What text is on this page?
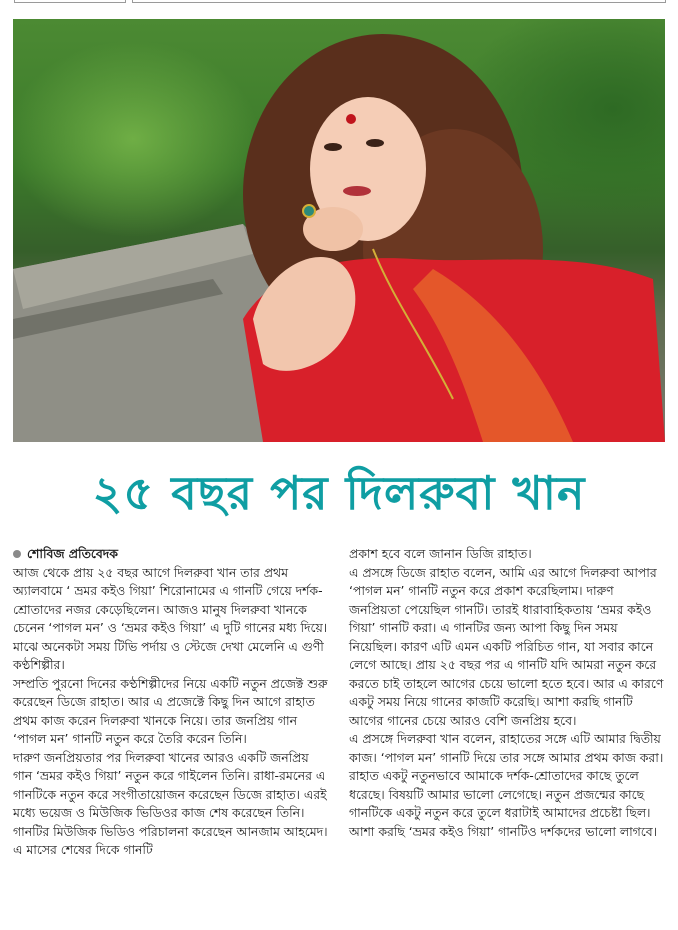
২৫ বছর পর দিলরুবা খান
শোবিজ প্রতিবেদক

আজ থেকে প্রায় ২৫ বছর আগে দিলরুবা খান তার প্রথম অ্যালবামে ‘ ভ্রমর কইও গিয়া’ শিরোনামের এ গানটি গেয়ে দর্শক-শ্রোতাদের নজর কেড়েছিলেন। আজও মানুষ দিলরুবা খানকে চেনেন ‘পাগল মন’ ও ‘ভ্রমর কইও গিয়া’ এ দুটি গানের মধ্য দিয়ে। মাঝে অনেকটা সময় টিভি পর্দায় ও স্টেজে দেখা মেলেনি এ গুণী কণ্ঠশিল্পীর।

সম্প্রতি পুরনো দিনের কণ্ঠশিল্পীদের নিয়ে একটি নতুন প্রজেক্ট শুরু করেছেন ডিজে রাহাত। আর এ প্রজেক্টে কিছু দিন আগে রাহাত প্রথম কাজ করেন দিলরুবা খানকে নিয়ে। তার জনপ্রিয় গান ‘পাগল মন’ গানটি নতুন করে তৈরি করেন তিনি।

দারুণ জনপ্রিয়তার পর দিলরুবা খানের আরও একটি জনপ্রিয় গান ‘ভ্রমর কইও গিয়া’ নতুন করে গাইলেন তিনি। রাধা-রমনের এ গানটিকে নতুন করে সংগীতায়োজন করেছেন ডিজে রাহাত। এরই মধ্যে ভয়েজ ও মিউজিক ভিডিওর কাজ শেষ করেছেন তিনি। গানটির মিউজিক ভিডিও পরিচালনা করেছেন আনজাম আহমেদ। এ মাসের শেষের দিকে গানটি

প্রকাশ হবে বলে জানান ডিজি রাহাত।

এ প্রসঙ্গে ডিজে রাহাত বলেন, আমি এর আগে দিলরুবা আপার ‘পাগল মন’ গানটি নতুন করে প্রকাশ করেছিলাম। দারুণ জনপ্রিয়তা পেয়েছিল গানটি। তারই ধারাবাহিকতায় ‘ভ্রমর কইও গিয়া’ গানটি করা। এ গানটির জন্য আপা কিছু দিন সময় নিয়েছিল। কারণ এটি এমন একটি পরিচিত গান, যা সবার কানে লেগে আছে। প্রায় ২৫ বছর পর এ গানটি যদি আমরা নতুন করে করতে চাই তাহলে আগের চেয়ে ভালো হতে হবে। আর এ কারণে একটু সময় নিয়ে গানের কাজটি করেছি। আশা করছি গানটি আগের গানের চেয়ে আরও বেশি জনপ্রিয় হবে।

এ প্রসঙ্গে দিলরুবা খান বলেন, রাহাতের সঙ্গে এটি আমার দ্বিতীয় কাজ। ‘পাগল মন’ গানটি দিয়ে তার সঙ্গে আমার প্রথম কাজ করা। রাহাত একটু নতুনভাবে আমাকে দর্শক-শ্রোতাদের কাছে তুলে ধরেছে। বিষয়টি আমার ভালো লেগেছে। নতুন প্রজন্মের কাছে গানটিকে একটু নতুন করে তুলে ধরাটাই আমাদের প্রচেষ্টা ছিল। আশা করছি ‘ভ্রমর কইও গিয়া’ গানটিও দর্শকদের ভালো লাগবে।
